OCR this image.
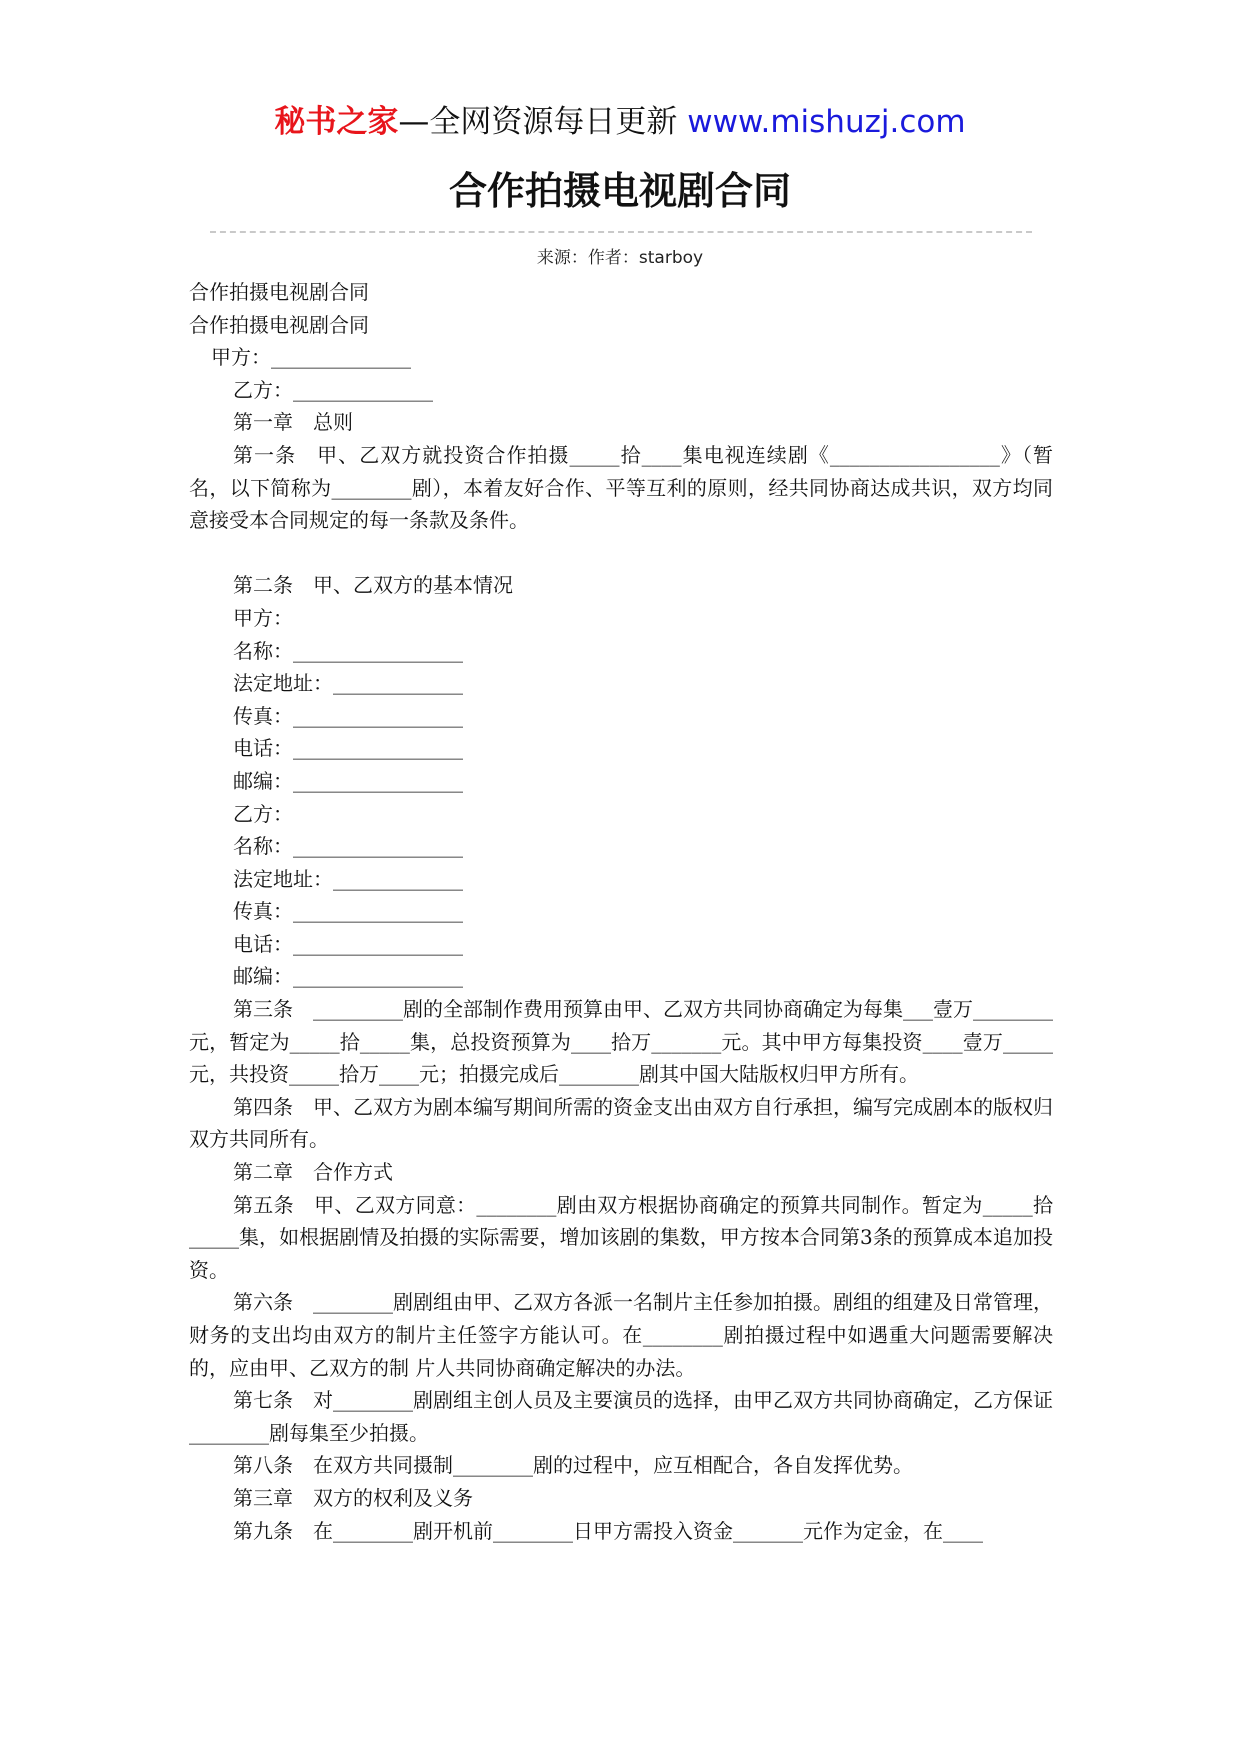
秘书之家—全网资源每日更新 www.mishuzj.com
合作拍摄电视剧合同
来源：作者：starboy

合作拍摄电视剧合同

合作拍摄电视剧合同

甲方：______________

乙方：______________

第一章　总则

第一条　甲、乙双方就投资合作拍摄_____拾____集电视连续剧《_________________》（暂名，以下简称为________剧），本着友好合作、平等互利的原则，经共同协商达成共识，双方均同意接受本合同规定的每一条款及条件。

第二条　甲、乙双方的基本情况

甲方：

名称：_________________

法定地址：_____________

传真：_________________

电话：_________________

邮编：_________________

乙方：

名称：_________________

法定地址：_____________

传真：_________________

电话：_________________

邮编：_________________

第三条　_________剧的全部制作费用预算由甲、乙双方共同协商确定为每集___壹万________元，暂定为_____拾_____集，总投资预算为____拾万_______元。其中甲方每集投资____壹万_____元，共投资_____拾万____元；拍摄完成后________剧其中国大陆版权归甲方所有。

第四条　甲、乙双方为剧本编写期间所需的资金支出由双方自行承担，编写完成剧本的版权归双方共同所有。

第二章　合作方式

第五条　甲、乙双方同意：________剧由双方根据协商确定的预算共同制作。暂定为_____拾_____集，如根据剧情及拍摄的实际需要，增加该剧的集数，甲方按本合同第3条的预算成本追加投资。

第六条　________剧剧组由甲、乙双方各派一名制片主任参加拍摄。剧组的组建及日常管理，财务的支出均由双方的制片主任签字方能认可。在________剧拍摄过程中如遇重大问题需要解决的，应由甲、乙双方的制 片人共同协商确定解决的办法。

第七条　对________剧剧组主创人员及主要演员的选择，由甲乙双方共同协商确定，乙方保证________剧每集至少拍摄。

第八条　在双方共同摄制________剧的过程中，应互相配合，各自发挥优势。

第三章　双方的权利及义务

第九条　在________剧开机前________日甲方需投入资金_______元作为定金，在____
